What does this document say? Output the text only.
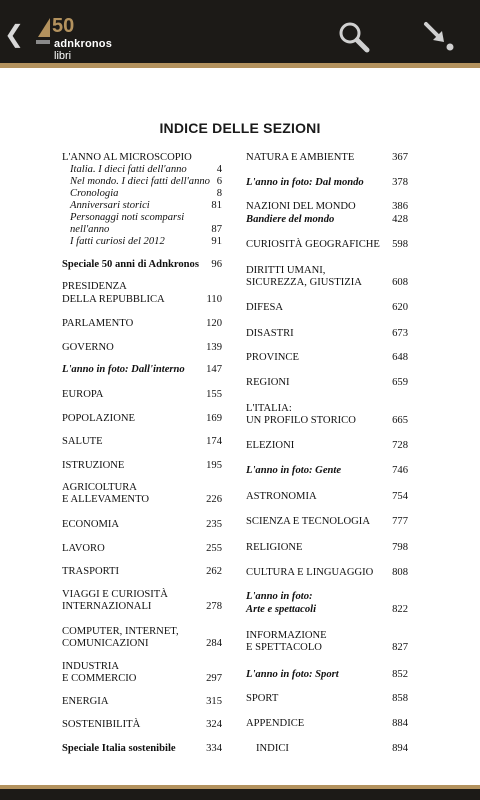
❮ 50
adnkronos
libri
INDICE DELLE SEZIONI
L'ANNO AL MICROSCOPIO
Italia. I dieci fatti dell'anno	4
Nel mondo. I dieci fatti dell'anno 6
Cronologia	8
Anniversari storici	81
Personaggi noti scomparsi
nell'anno	87
I fatti curiosi del 2012	91
Speciale 50 anni di Adnkronos	96
PRESIDENZA
DELLA REPUBBLICA	110
PARLAMENTO	120
GOVERNO	139
L'anno in foto: Dall'interno	147
EUROPA	155
POPOLAZIONE	169
SALUTE	174
ISTRUZIONE	195
AGRICOLTURA
E ALLEVAMENTO	226
ECONOMIA	235
LAVORO	255
TRASPORTI	262
VIAGGI E CURIOSITÀ
INTERNAZIONALI	278
COMPUTER, INTERNET,
COMUNICAZIONI	284
INDUSTRIA
E COMMERCIO	297
ENERGIA	315
SOSTENIBILITÀ	324
Speciale Italia sostenibile	334
NATURA E AMBIENTE	367
L'anno in foto: Dal mondo	378
NAZIONI DEL MONDO	386
Bandiere del mondo	428
CURIOSITÀ GEOGRAFICHE	598
DIRITTI UMANI,
SICUREZZA, GIUSTIZIA	608
DIFESA	620
DISASTRI	673
PROVINCE	648
REGIONI	659
L'ITALIA:
UN PROFILO STORICO	665
ELEZIONI	728
L'anno in foto: Gente	746
ASTRONOMIA	754
SCIENZA E TECNOLOGIA	777
RELIGIONE	798
CULTURA E LINGUAGGIO	808
L'anno in foto:
Arte e spettacoli	822
INFORMAZIONE
E SPETTACOLO	827
L'anno in foto: Sport	852
SPORT	858
APPENDICE	884
INDICI	894
